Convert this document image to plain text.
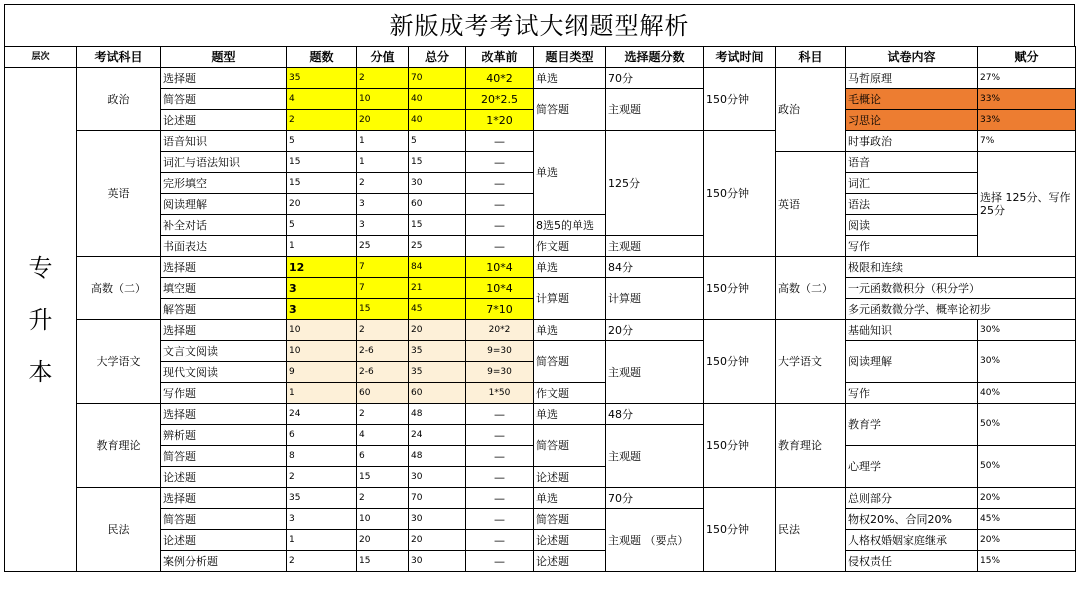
新版成考考试大纲题型解析
层次	考试科目	题型	题数	分值	总分	改革前	题目类型	选择题分数	考试时间	科目	试卷内容	赋分
专
升
本	政治	选择题	35	2	70	40*2	单选	70分	150分钟	政治	马哲原理	27%
		简答题	4	10	40	20*2.5	简答题	主观题			毛概论	33%
		论述题	2	20	40	1*20					习思论	33%
	英语	语音知识	5	1	5	—	单选	125分	150分钟		时事政治	7%
		词汇与语法知识	15	1	15	—				英语	语音	选择 125分、写作25分
		完形填空	15	2	30	—					词汇	
		阅读理解	20	3	60	—					语法	
		补全对话	5	3	15	—	8选5的单选				阅读	
		书面表达	1	25	25	—	作文题	主观题			写作	
	高数（二）	选择题	12	7	84	10*4	单选	84分	150分钟	高数（二）	极限和连续	
		填空题	3	7	21	10*4	计算题	计算题			一元函数微积分（积分学）	
		解答题	3	15	45	7*10					多元函数微分学、概率论初步	
	大学语文	选择题	10	2	20	20*2	单选	20分	150分钟	大学语文	基础知识	30%
		文言文阅读	10	2-6	35	9=30	简答题	主观题			阅读理解	30%
		现代文阅读	9	2-6	35	9=30						
		写作题	1	60	60	1*50	作文题				写作	40%
	教育理论	选择题	24	2	48	—	单选	48分	150分钟	教育理论	教育学	50%
		辨析题	6	4	24	—	简答题	主观题				
		简答题	8	6	48	—					心理学	50%
		论述题	2	15	30	—	论述题					
	民法	选择题	35	2	70	—	单选	70分	150分钟	民法	总则部分	20%
		简答题	3	10	30	—	简答题	主观题 （要点）			物权20%、合同20%	45%
		论述题	1	20	20	—	论述题				人格权婚姻家庭继承	20%
		案例分析题	2	15	30	—	论述题				侵权责任	15%
